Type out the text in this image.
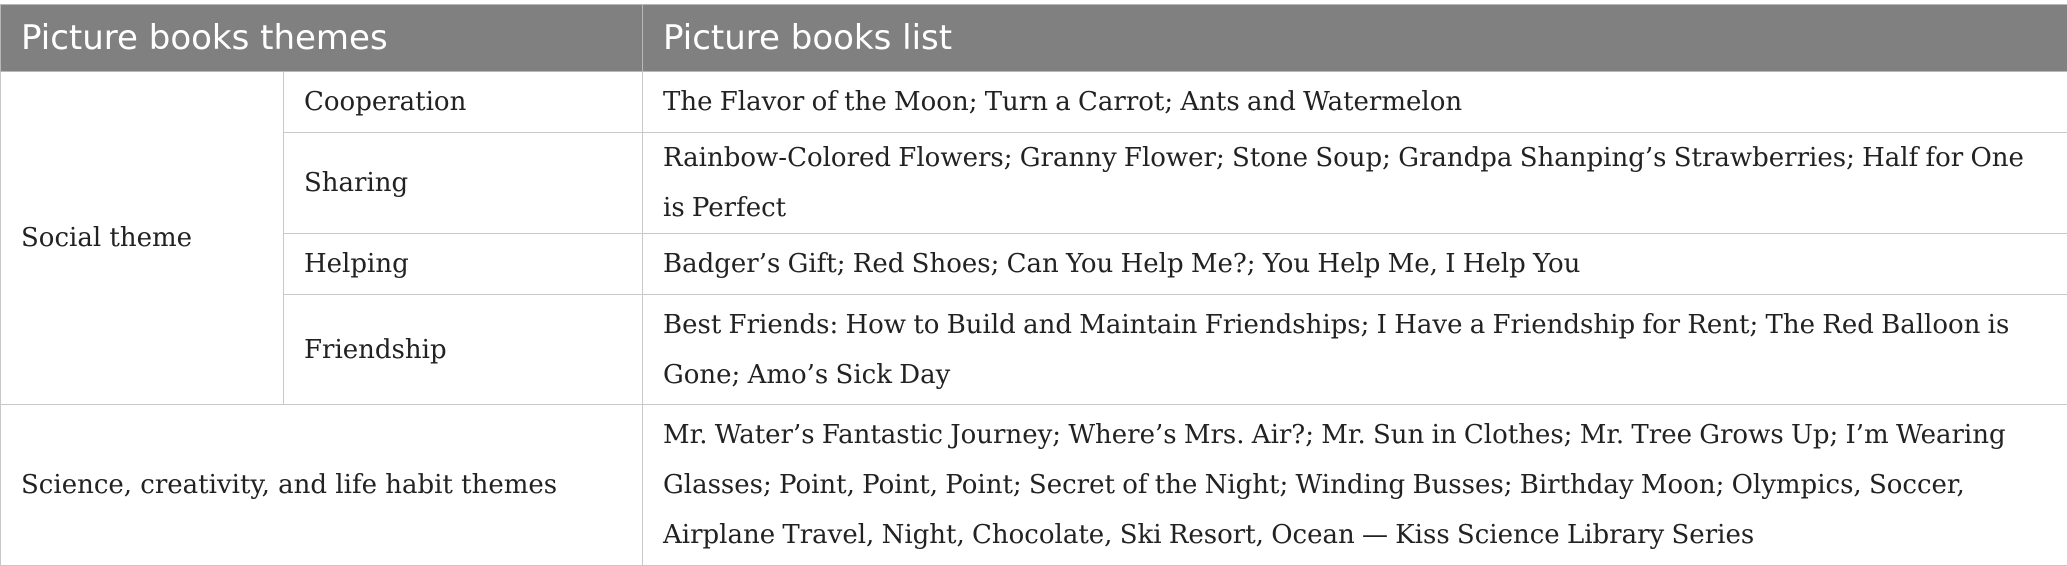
Picture books themes		Picture books list
Social theme	Cooperation	The Flavor of the Moon; Turn a Carrot; Ants and Watermelon
	Sharing	Rainbow-Colored Flowers; Granny Flower; Stone Soup; Grandpa Shanping’s Strawberries; Half for One is Perfect
	Helping	Badger’s Gift; Red Shoes; Can You Help Me?; You Help Me, I Help You
	Friendship	Best Friends: How to Build and Maintain Friendships; I Have a Friendship for Rent; The Red Balloon is Gone; Amo’s Sick Day
Science, creativity, and life habit themes		Mr. Water’s Fantastic Journey; Where’s Mrs. Air?; Mr. Sun in Clothes; Mr. Tree Grows Up; I’m Wearing Glasses; Point, Point, Point; Secret of the Night; Winding Busses; Birthday Moon; Olympics, Soccer, Airplane Travel, Night, Chocolate, Ski Resort, Ocean — Kiss Science Library Series
